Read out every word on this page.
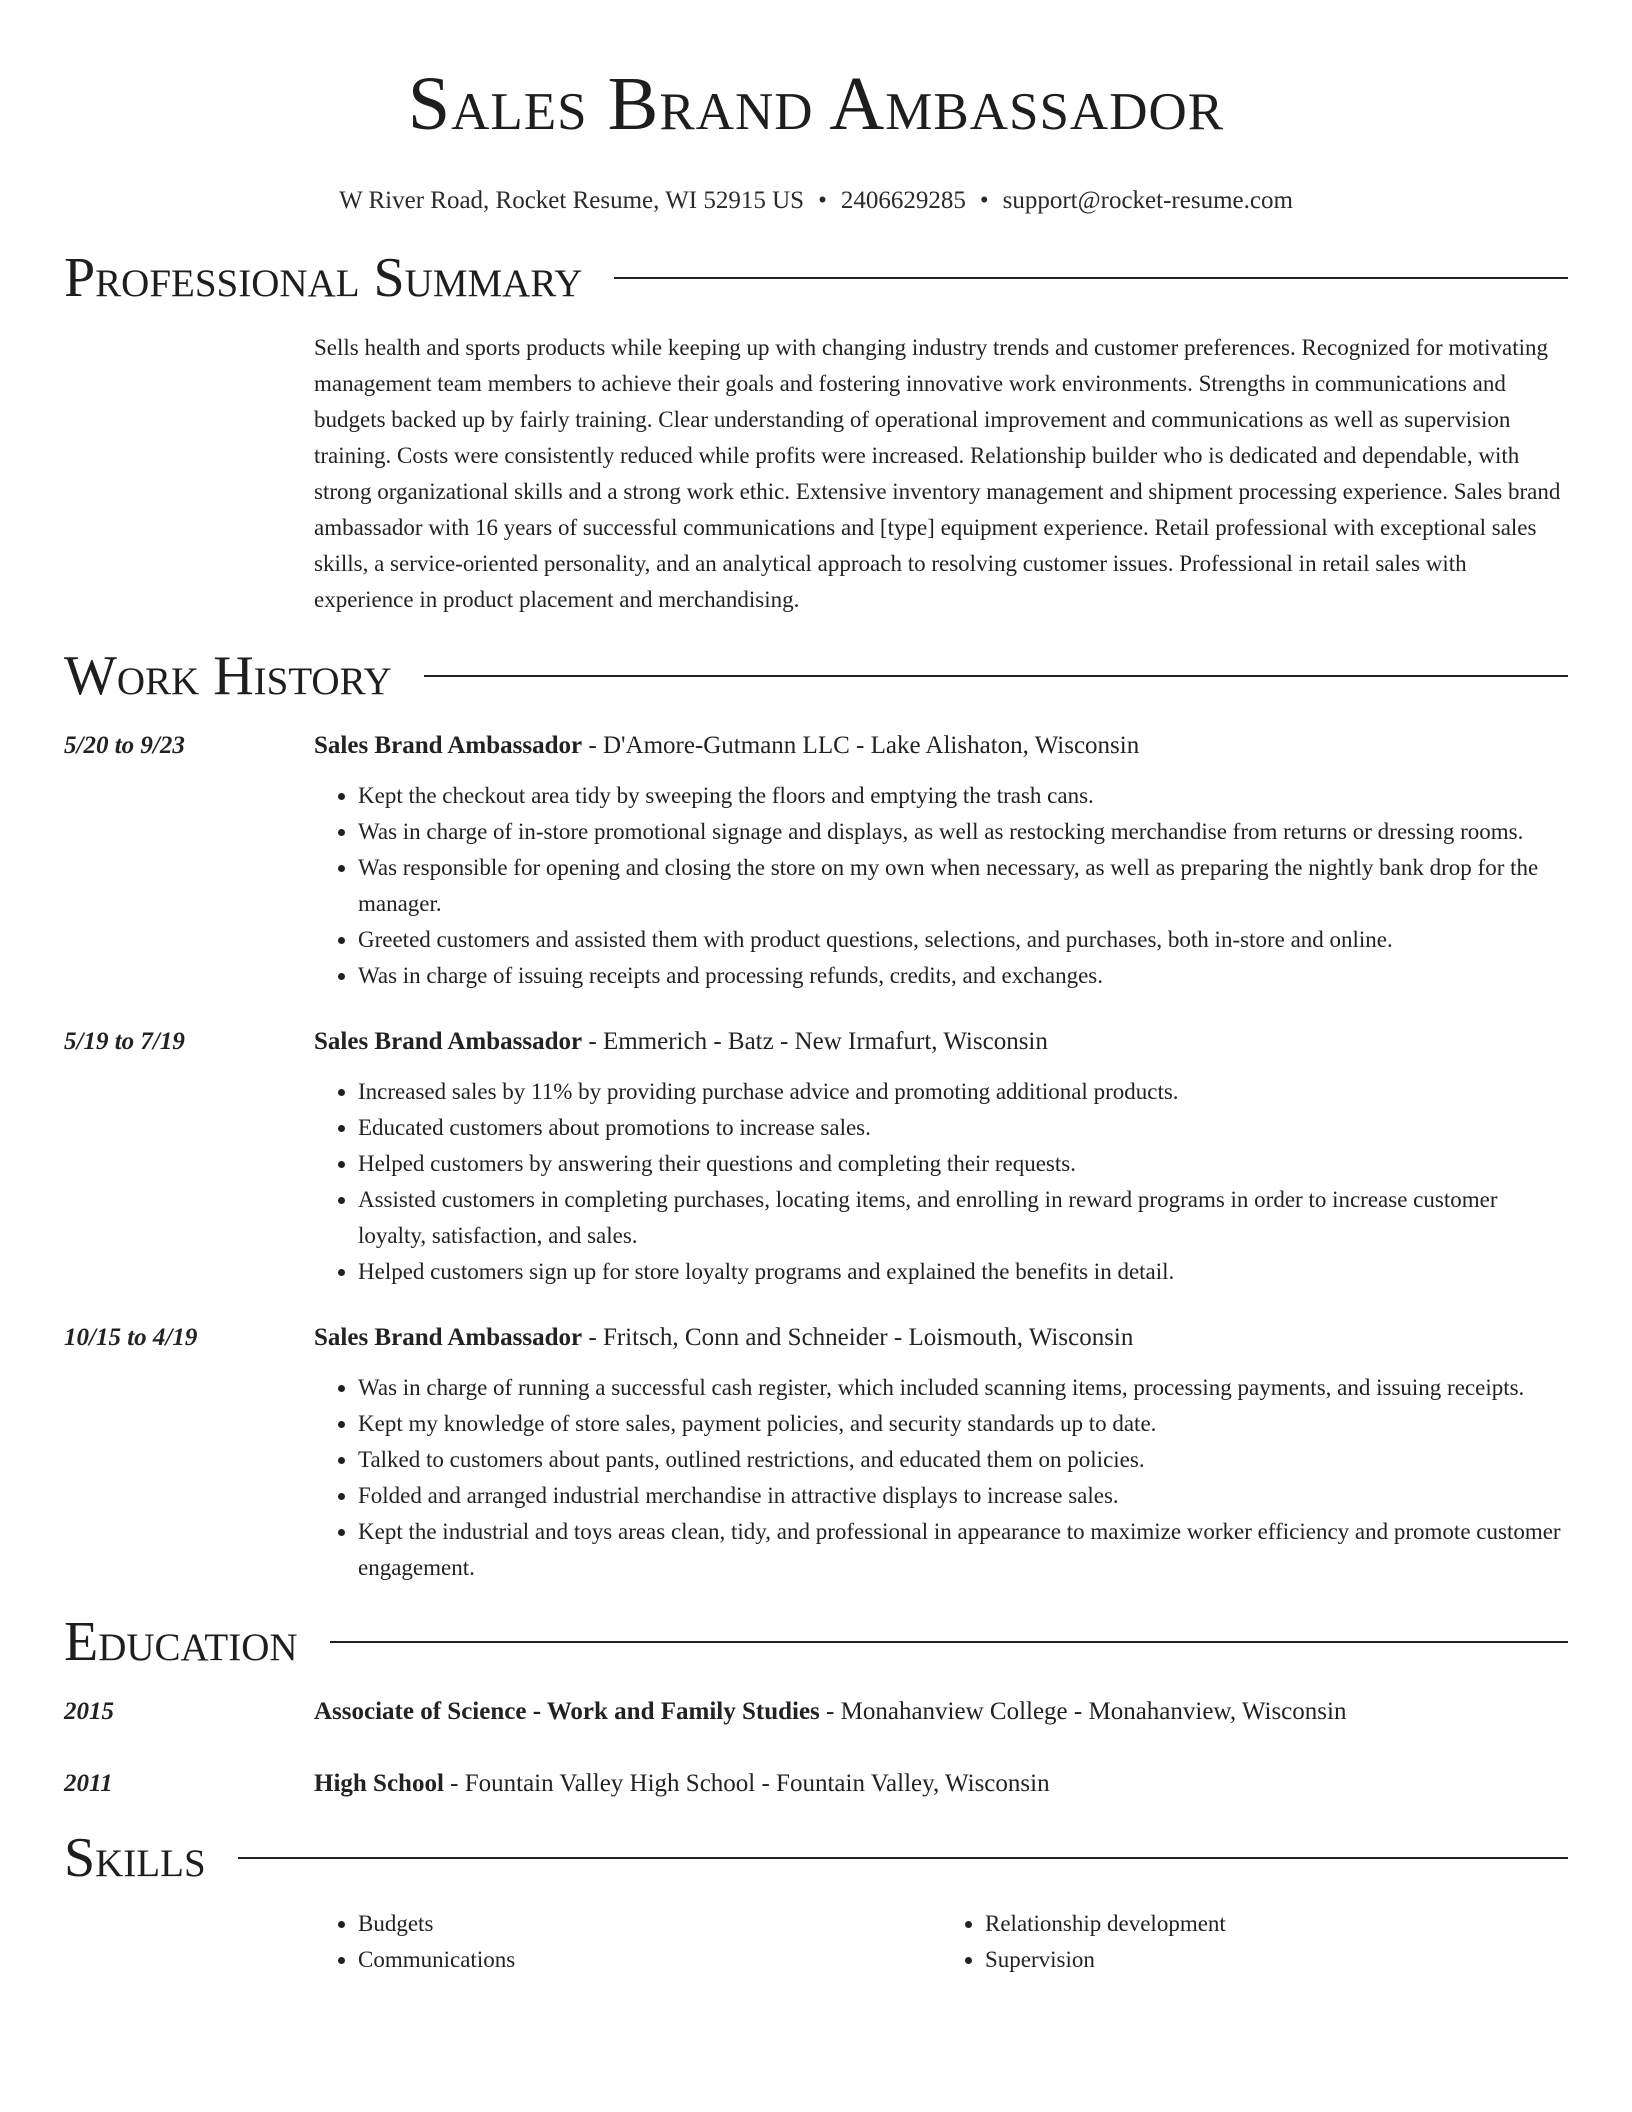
Sales Brand Ambassador
W River Road, Rocket Resume, WI 52915 US • 2406629285 • support@rocket-resume.com
Professional Summary
Sells health and sports products while keeping up with changing industry trends and customer preferences. Recognized for motivating management team members to achieve their goals and fostering innovative work environments. Strengths in communications and budgets backed up by fairly training. Clear understanding of operational improvement and communications as well as supervision training. Costs were consistently reduced while profits were increased. Relationship builder who is dedicated and dependable, with strong organizational skills and a strong work ethic. Extensive inventory management and shipment processing experience. Sales brand ambassador with 16 years of successful communications and [type] equipment experience. Retail professional with exceptional sales skills, a service-oriented personality, and an analytical approach to resolving customer issues. Professional in retail sales with experience in product placement and merchandising.
Work History
5/20 to 9/23	Sales Brand Ambassador - D'Amore-Gutmann LLC - Lake Alishaton, Wisconsin
• Kept the checkout area tidy by sweeping the floors and emptying the trash cans.
• Was in charge of in-store promotional signage and displays, as well as restocking merchandise from returns or dressing rooms.
• Was responsible for opening and closing the store on my own when necessary, as well as preparing the nightly bank drop for the manager.
• Greeted customers and assisted them with product questions, selections, and purchases, both in-store and online.
• Was in charge of issuing receipts and processing refunds, credits, and exchanges.
5/19 to 7/19	Sales Brand Ambassador - Emmerich - Batz - New Irmafurt, Wisconsin
• Increased sales by 11% by providing purchase advice and promoting additional products.
• Educated customers about promotions to increase sales.
• Helped customers by answering their questions and completing their requests.
• Assisted customers in completing purchases, locating items, and enrolling in reward programs in order to increase customer loyalty, satisfaction, and sales.
• Helped customers sign up for store loyalty programs and explained the benefits in detail.
10/15 to 4/19	Sales Brand Ambassador - Fritsch, Conn and Schneider - Loismouth, Wisconsin
• Was in charge of running a successful cash register, which included scanning items, processing payments, and issuing receipts.
• Kept my knowledge of store sales, payment policies, and security standards up to date.
• Talked to customers about pants, outlined restrictions, and educated them on policies.
• Folded and arranged industrial merchandise in attractive displays to increase sales.
• Kept the industrial and toys areas clean, tidy, and professional in appearance to maximize worker efficiency and promote customer engagement.
Education
2015	Associate of Science - Work and Family Studies - Monahanview College - Monahanview, Wisconsin
2011	High School - Fountain Valley High School - Fountain Valley, Wisconsin
Skills
• Budgets
• Communications
• Relationship development
• Supervision
